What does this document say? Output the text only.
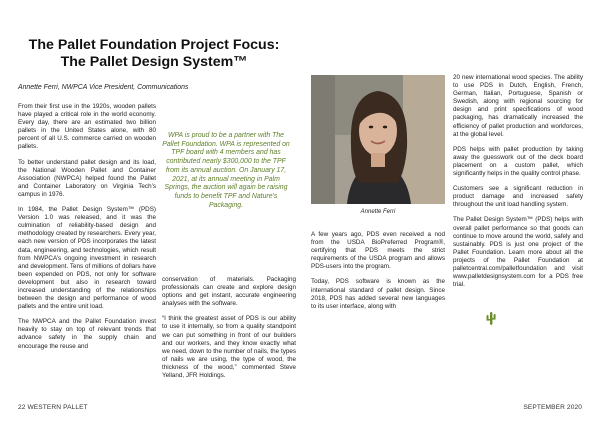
The Pallet Foundation Project Focus:
The Pallet Design System™
Annette Ferri, NWPCA Vice President, Communications

From their first use in the 1920s, wooden pallets have played a critical role in the world economy. Every day, there are an estimated two billion pallets in the United States alone, with 80 percent of all U.S. commerce carried on wooden pallets.

To better understand pallet design and its load, the National Wooden Pallet and Container Association (NWPCA) helped found the Pallet and Container Laboratory on Virginia Tech’s campus in 1976.

In 1984, the Pallet Design System™ (PDS) Version 1.0 was released, and it was the culmination of reliability-based design and methodology created by researchers. Every year, each new version of PDS incorporates the latest data, engineering, and technologies, which result from NWPCA’s ongoing investment in research and development. Tens of millions of dollars have been expended on PDS, not only for software development but also in research toward increased understanding of the relationships between the design and performance of wood pallets and the entire unit load.

The NWPCA and the Pallet Foundation invest heavily to stay on top of relevant trends that advance safety in the supply chain and encourage the reuse and

WPA is proud to be a partner with The Pallet Foundation. WPA is represented on TPF board with 4 members and has contributed nearly $300,000 to the TPF from its annual auction. On January 17, 2021, at its annual meeting in Palm Springs, the auction will again be raising funds to benefit TPF and Nature’s Packaging.

conservation of materials. Packaging professionals can create and explore design options and get instant, accurate engineering analyses with the software.

“I think the greatest asset of PDS is our ability to use it internally, so from a quality standpoint we can put something in front of our builders and our workers, and they know exactly what we need, down to the number of nails, the types of nails we are using, the type of wood, the thickness of the wood,” commented Steve Yelland, JFR Holdings.

Annette Ferri

A few years ago, PDS even received a nod from the USDA BioPreferred Program®, certifying that PDS meets the strict requirements of the USDA program and allows PDS-users into the program.

Today, PDS software is known as the international standard of pallet design. Since 2018, PDS has added several new languages to its user interface, along with

20 new international wood species. The ability to use PDS in Dutch, English, French, German, Italian, Portuguese, Spanish or Swedish, along with regional sourcing for design and print specifications of wood packaging, has dramatically increased the efficiency of pallet production and workforces, at the global level.

PDS helps with pallet production by taking away the guesswork out of the deck board placement on a custom pallet, which significantly helps in the quality control phase.

Customers see a significant reduction in product damage and increased safety throughout the unit load handling system.

The Pallet Design System™ (PDS) helps with overall pallet performance so that goods can continue to move around the world, safely and sustainably. PDS is just one project of the Pallet Foundation. Learn more about all the projects of the Pallet Foundation at palletcentral.com/palletfoundation and visit www.palletdesignsystem.com for a PDS free trial.

22 WESTERN PALLET	SEPTEMBER 2020
